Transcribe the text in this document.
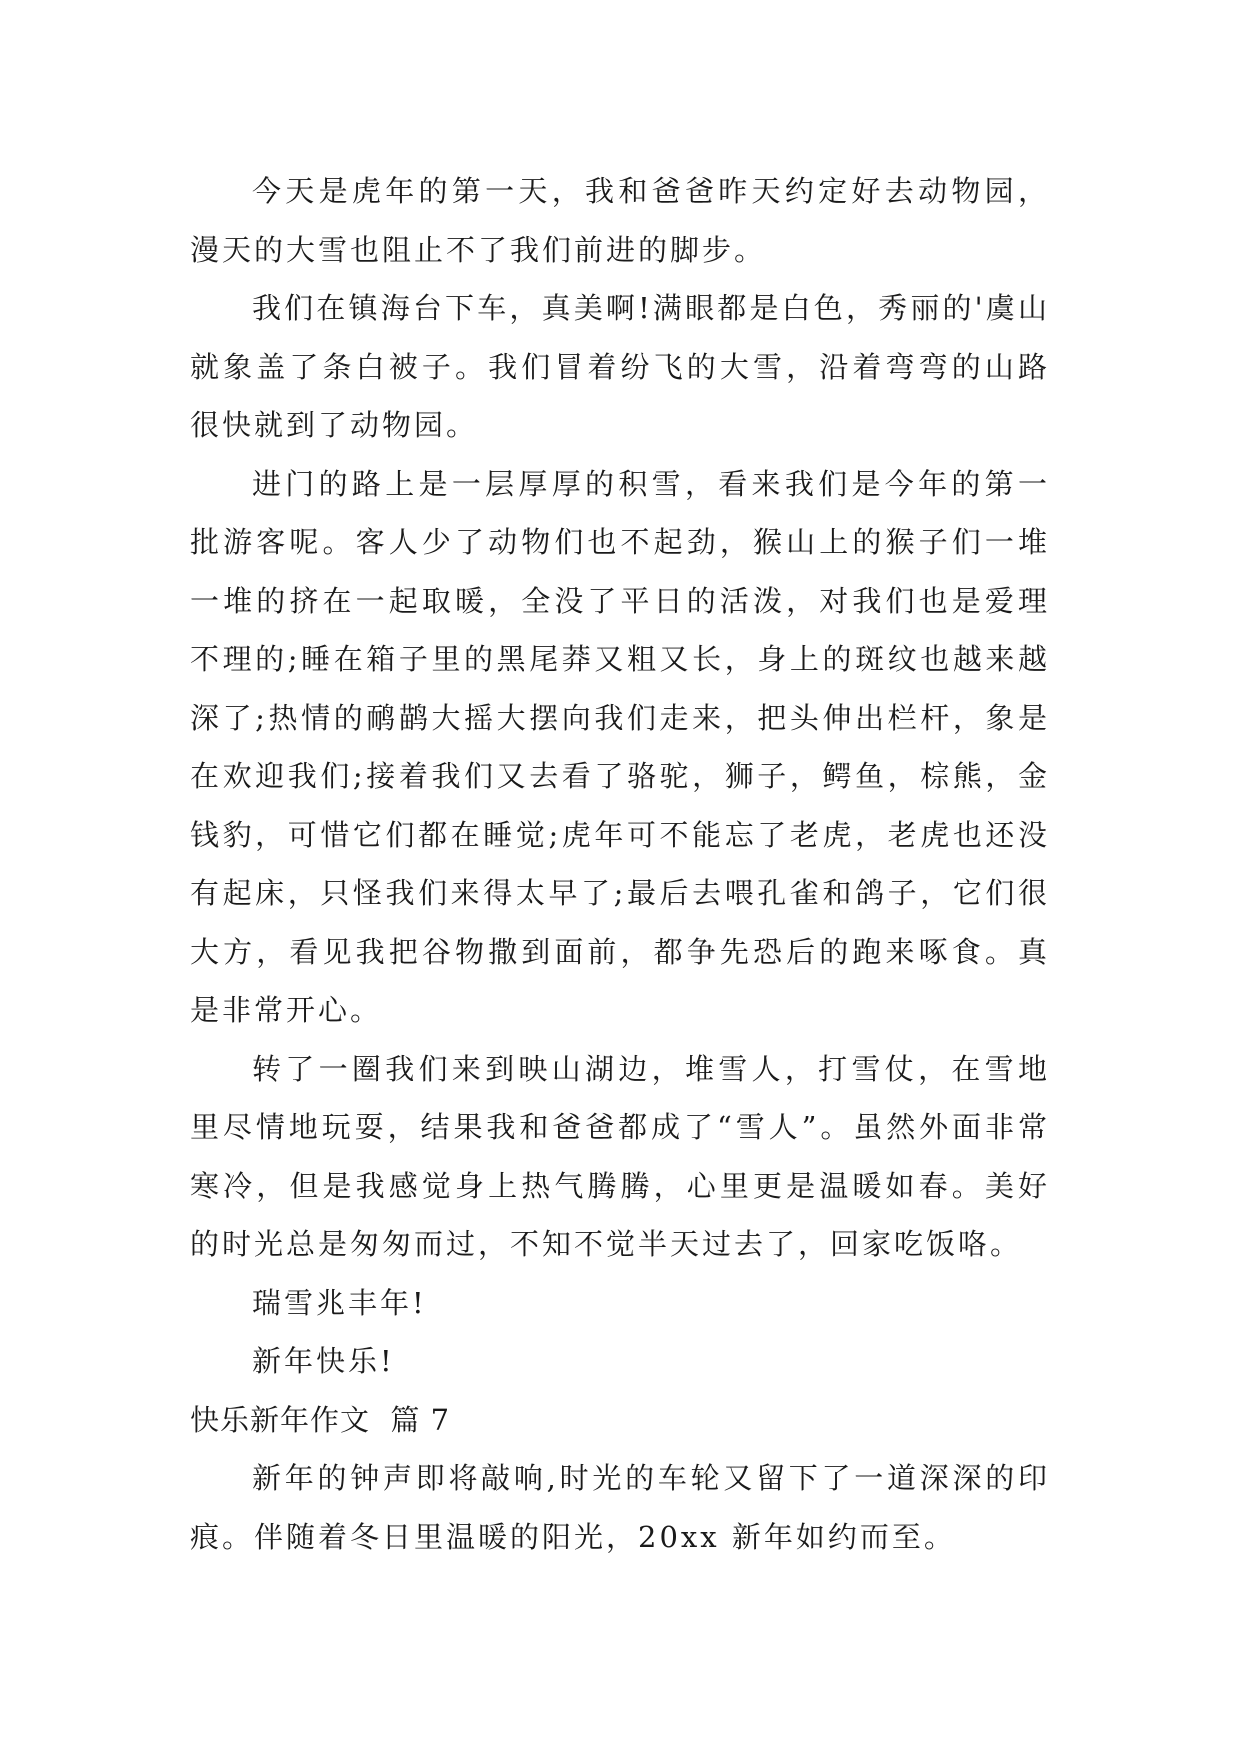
今天是虎年的第一天，我和爸爸昨天约定好去动物园，漫天的大雪也阻止不了我们前进的脚步。

我们在镇海台下车，真美啊!满眼都是白色，秀丽的'虞山就象盖了条白被子。我们冒着纷飞的大雪，沿着弯弯的山路很快就到了动物园。

进门的路上是一层厚厚的积雪，看来我们是今年的第一批游客呢。客人少了动物们也不起劲，猴山上的猴子们一堆一堆的挤在一起取暖，全没了平日的活泼，对我们也是爱理不理的;睡在箱子里的黑尾莽又粗又长，身上的斑纹也越来越深了;热情的鸸鹋大摇大摆向我们走来，把头伸出栏杆，象是在欢迎我们;接着我们又去看了骆驼，狮子，鳄鱼，棕熊，金钱豹，可惜它们都在睡觉;虎年可不能忘了老虎，老虎也还没有起床，只怪我们来得太早了;最后去喂孔雀和鸽子，它们很大方，看见我把谷物撒到面前，都争先恐后的跑来啄食。真是非常开心。

转了一圈我们来到映山湖边，堆雪人，打雪仗，在雪地里尽情地玩耍，结果我和爸爸都成了“雪人”。虽然外面非常寒冷，但是我感觉身上热气腾腾，心里更是温暖如春。美好的时光总是匆匆而过，不知不觉半天过去了，回家吃饭咯。

瑞雪兆丰年!

新年快乐!

快乐新年作文  篇 7

新年的钟声即将敲响,时光的车轮又留下了一道深深的印痕。伴随着冬日里温暖的阳光，20xx 新年如约而至。
